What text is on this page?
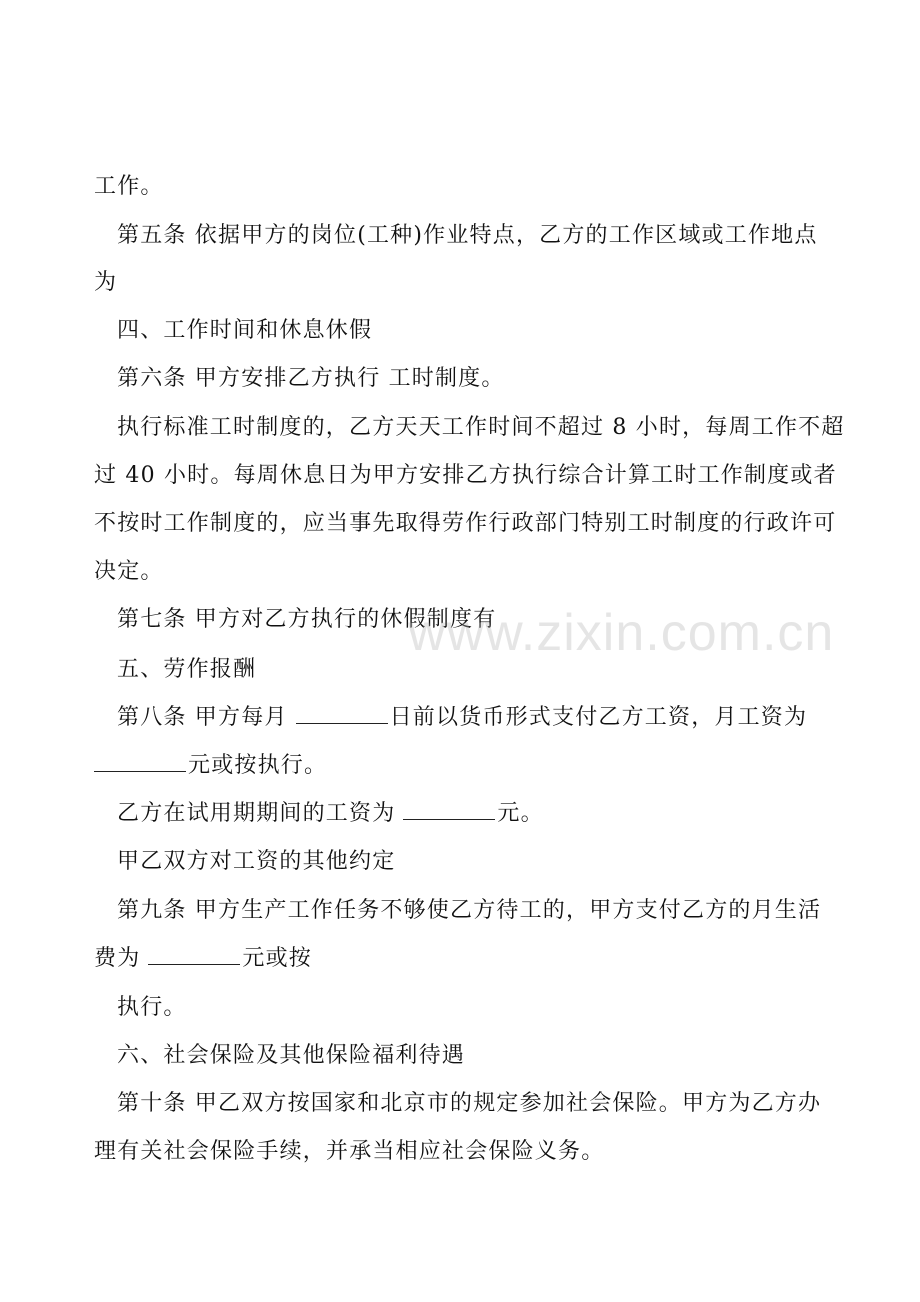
工作。
第五条 依据甲方的岗位(工种)作业特点，乙方的工作区域或工作地点
为
四、工作时间和休息休假
第六条 甲方安排乙方执行 工时制度。
执行标准工时制度的，乙方天天工作时间不超过 8 小时，每周工作不超
过 40 小时。每周休息日为甲方安排乙方执行综合计算工时工作制度或者
不按时工作制度的，应当事先取得劳作行政部门特别工时制度的行政许可
决定。
第七条 甲方对乙方执行的休假制度有
五、劳作报酬
第八条 甲方每月	日前以货币形式支付乙方工资，月工资为
元或按执行。
乙方在试用期期间的工资为	元。
甲乙双方对工资的其他约定
第九条 甲方生产工作任务不够使乙方待工的，甲方支付乙方的月生活
费为	元或按
执行。
六、社会保险及其他保险福利待遇
第十条 甲乙双方按国家和北京市的规定参加社会保险。甲方为乙方办
理有关社会保险手续，并承当相应社会保险义务。
www.zixin.com.cn
